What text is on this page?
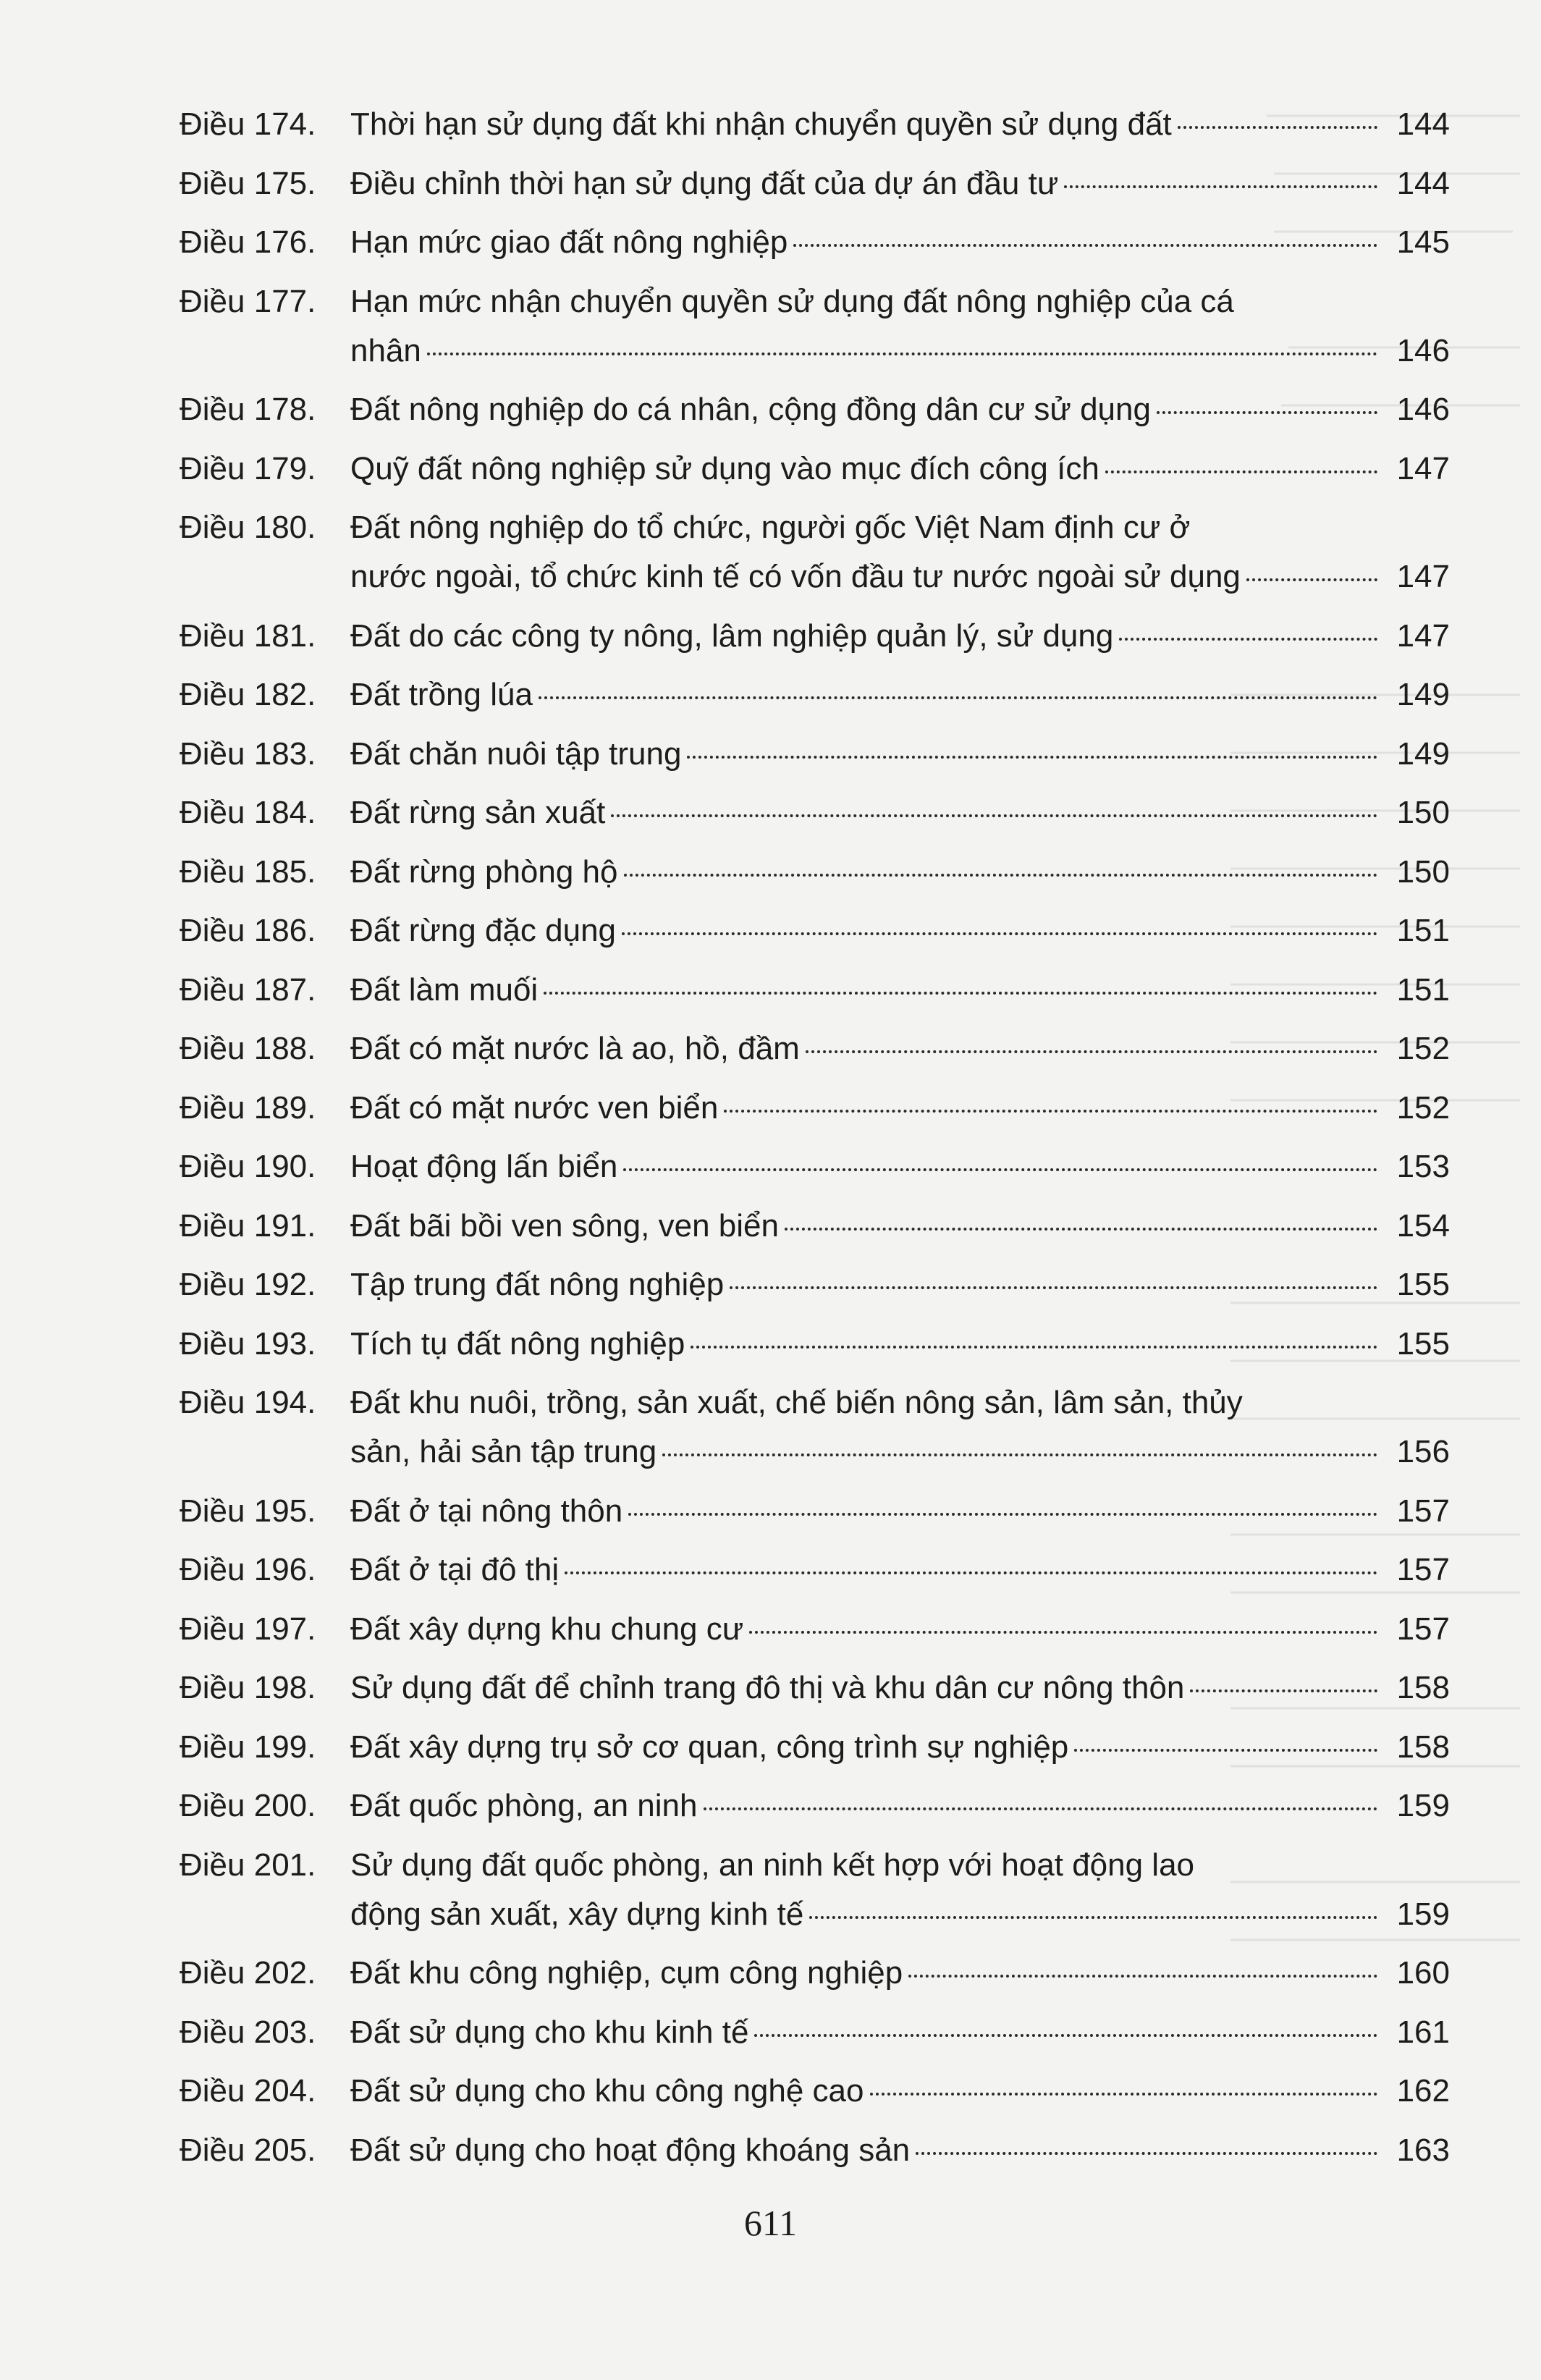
Điều 174.	Thời hạn sử dụng đất khi nhận chuyển quyền sử dụng đất	144
Điều 175.	Điều chỉnh thời hạn sử dụng đất của dự án đầu tư	144
Điều 176.	Hạn mức giao đất nông nghiệp	145
Điều 177.	Hạn mức nhận chuyển quyền sử dụng đất nông nghiệp của cá
nhân	146
Điều 178.	Đất nông nghiệp do cá nhân, cộng đồng dân cư sử dụng	146
Điều 179.	Quỹ đất nông nghiệp sử dụng vào mục đích công ích	147
Điều 180.	Đất nông nghiệp do tổ chức, người gốc Việt Nam định cư ở
nước ngoài, tổ chức kinh tế có vốn đầu tư nước ngoài sử dụng	147
Điều 181.	Đất do các công ty nông, lâm nghiệp quản lý, sử dụng	147
Điều 182.	Đất trồng lúa	149
Điều 183.	Đất chăn nuôi tập trung	149
Điều 184.	Đất rừng sản xuất	150
Điều 185.	Đất rừng phòng hộ	150
Điều 186.	Đất rừng đặc dụng	151
Điều 187.	Đất làm muối	151
Điều 188.	Đất có mặt nước là ao, hồ, đầm	152
Điều 189.	Đất có mặt nước ven biển	152
Điều 190.	Hoạt động lấn biển	153
Điều 191.	Đất bãi bồi ven sông, ven biển	154
Điều 192.	Tập trung đất nông nghiệp	155
Điều 193.	Tích tụ đất nông nghiệp	155
Điều 194.	Đất khu nuôi, trồng, sản xuất, chế biến nông sản, lâm sản, thủy
sản, hải sản tập trung	156
Điều 195.	Đất ở tại nông thôn	157
Điều 196.	Đất ở tại đô thị	157
Điều 197.	Đất xây dựng khu chung cư	157
Điều 198.	Sử dụng đất để chỉnh trang đô thị và khu dân cư nông thôn	158
Điều 199.	Đất xây dựng trụ sở cơ quan, công trình sự nghiệp	158
Điều 200.	Đất quốc phòng, an ninh	159
Điều 201.	Sử dụng đất quốc phòng, an ninh kết hợp với hoạt động lao
động sản xuất, xây dựng kinh tế	159
Điều 202.	Đất khu công nghiệp, cụm công nghiệp	160
Điều 203.	Đất sử dụng cho khu kinh tế	161
Điều 204.	Đất sử dụng cho khu công nghệ cao	162
Điều 205.	Đất sử dụng cho hoạt động khoáng sản	163
611
